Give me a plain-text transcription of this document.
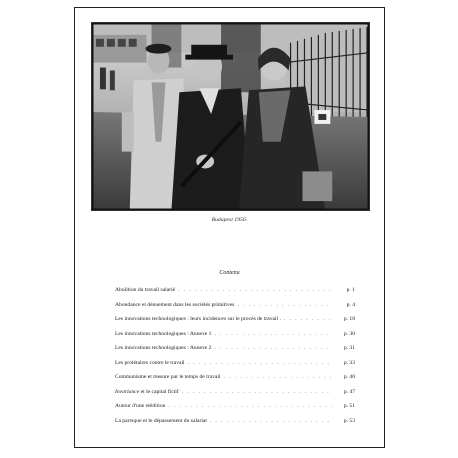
Budapest 1956.
Contenu
Abolition du travail salarié . . .	p. 1
Abondance et dénuement dans les sociétés primitives . . .	p. 4
Les innovations technologiques : leurs incidences sur le procès de travail . . . .	p. 18
Les innovations technologiques : Annexe 1 . . .	p. 30
Les innovations technologiques : Annexe 2 . . .	p. 31
Les prolétaires contre le travail . . .	p. 33
Communisme et mesure par le temps de travail . . .	p. 40
Invariance et le capital fictif . . .	p. 47
Autour d'une réédition . . .	p. 51
La parrsque et le dépassement du salariat . . .	p. 53
